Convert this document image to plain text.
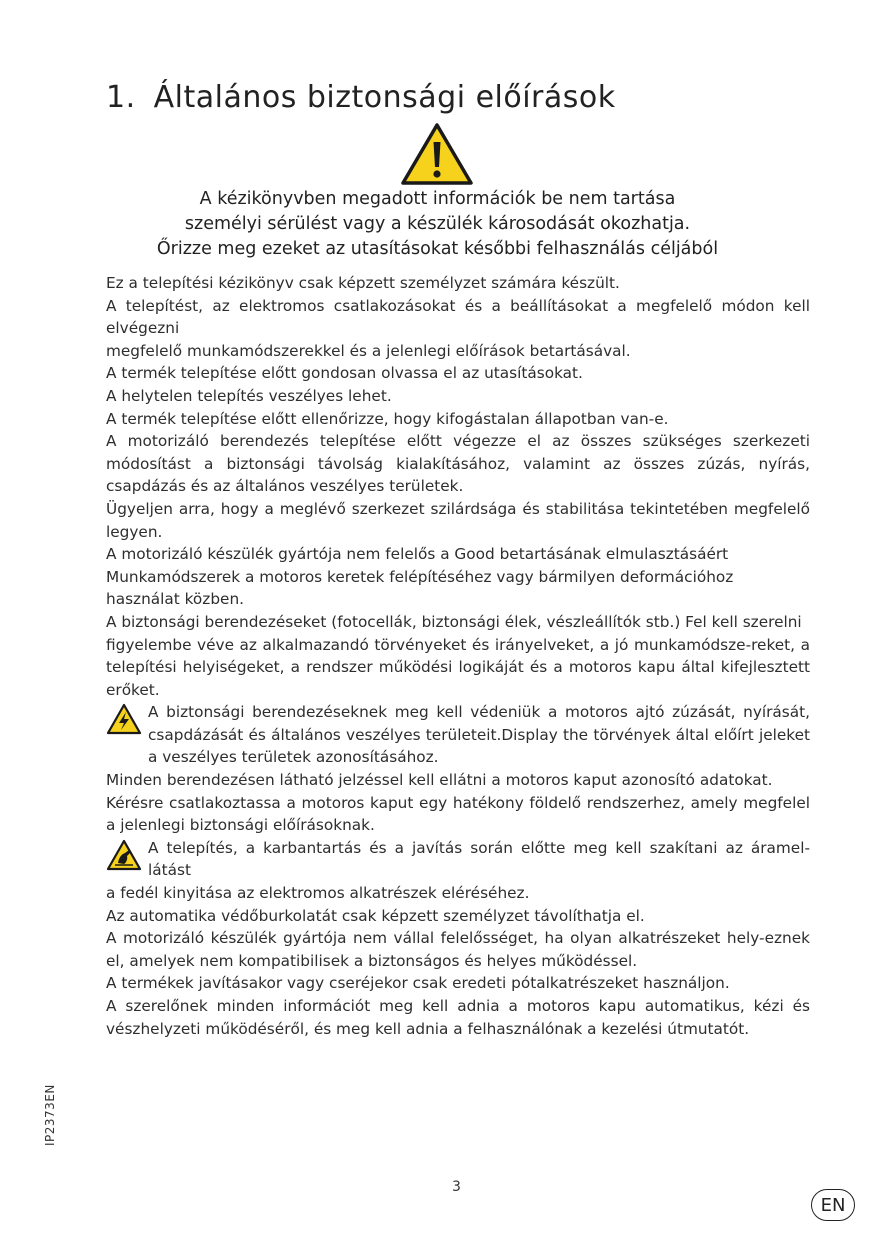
1. Általános biztonsági előírások
A kézikönyvben megadott információk be nem tartása
személyi sérülést vagy a készülék károsodását okozhatja.
Őrizze meg ezeket az utasításokat későbbi felhasználás céljából

Ez a telepítési kézikönyv csak képzett személyzet számára készült.

A telepítést, az elektromos csatlakozásokat és a beállításokat a megfelelő módon kell elvégezni

megfelelő munkamódszerekkel és a jelenlegi előírások betartásával.

A termék telepítése előtt gondosan olvassa el az utasításokat.

A helytelen telepítés veszélyes lehet.

A termék telepítése előtt ellenőrizze, hogy kifogástalan állapotban van-e.

A motorizáló berendezés telepítése előtt végezze el az összes szükséges szerkezeti módosítást a biztonsági távolság kialakításához, valamint az összes zúzás, nyírás, csapdázás és az általános veszélyes területek.

Ügyeljen arra, hogy a meglévő szerkezet szilárdsága és stabilitása tekintetében megfelelő legyen.

A motorizáló készülék gyártója nem felelős a Good betartásának elmulasztásáért Munkamódszerek a motoros keretek felépítéséhez vagy bármilyen deformációhoz használat közben.

A biztonsági berendezéseket (fotocellák, biztonsági élek, vészleállítók stb.) Fel kell szerelni

figyelembe véve az alkalmazandó törvényeket és irányelveket, a jó munkamódsze-reket, a telepítési helyiségeket, a rendszer működési logikáját és a motoros kapu által kifejlesztett erőket.

A biztonsági berendezéseknek meg kell védeniük a motoros ajtó zúzását, nyírását, csapdázását és általános veszélyes területeit.Display the törvények által előírt jeleket a veszélyes területek azonosításához.

Minden berendezésen látható jelzéssel kell ellátni a motoros kaput azonosító adatokat.

Kérésre csatlakoztassa a motoros kaput egy hatékony földelő rendszerhez, amely megfelel a jelenlegi biztonsági előírásoknak.

A telepítés, a karbantartás és a javítás során előtte meg kell szakítani az áramel-látást

a fedél kinyitása az elektromos alkatrészek eléréséhez.

Az automatika védőburkolatát csak képzett személyzet távolíthatja el.

A motorizáló készülék gyártója nem vállal felelősséget, ha olyan alkatrészeket hely-eznek el, amelyek nem kompatibilisek a biztonságos és helyes működéssel.

A termékek javításakor vagy cseréjekor csak eredeti pótalkatrészeket használjon.

A szerelőnek minden információt meg kell adnia a motoros kapu automatikus, kézi és vészhelyzeti működéséről, és meg kell adnia a felhasználónak a kezelési útmutatót.

IP2373EN
3
EN
